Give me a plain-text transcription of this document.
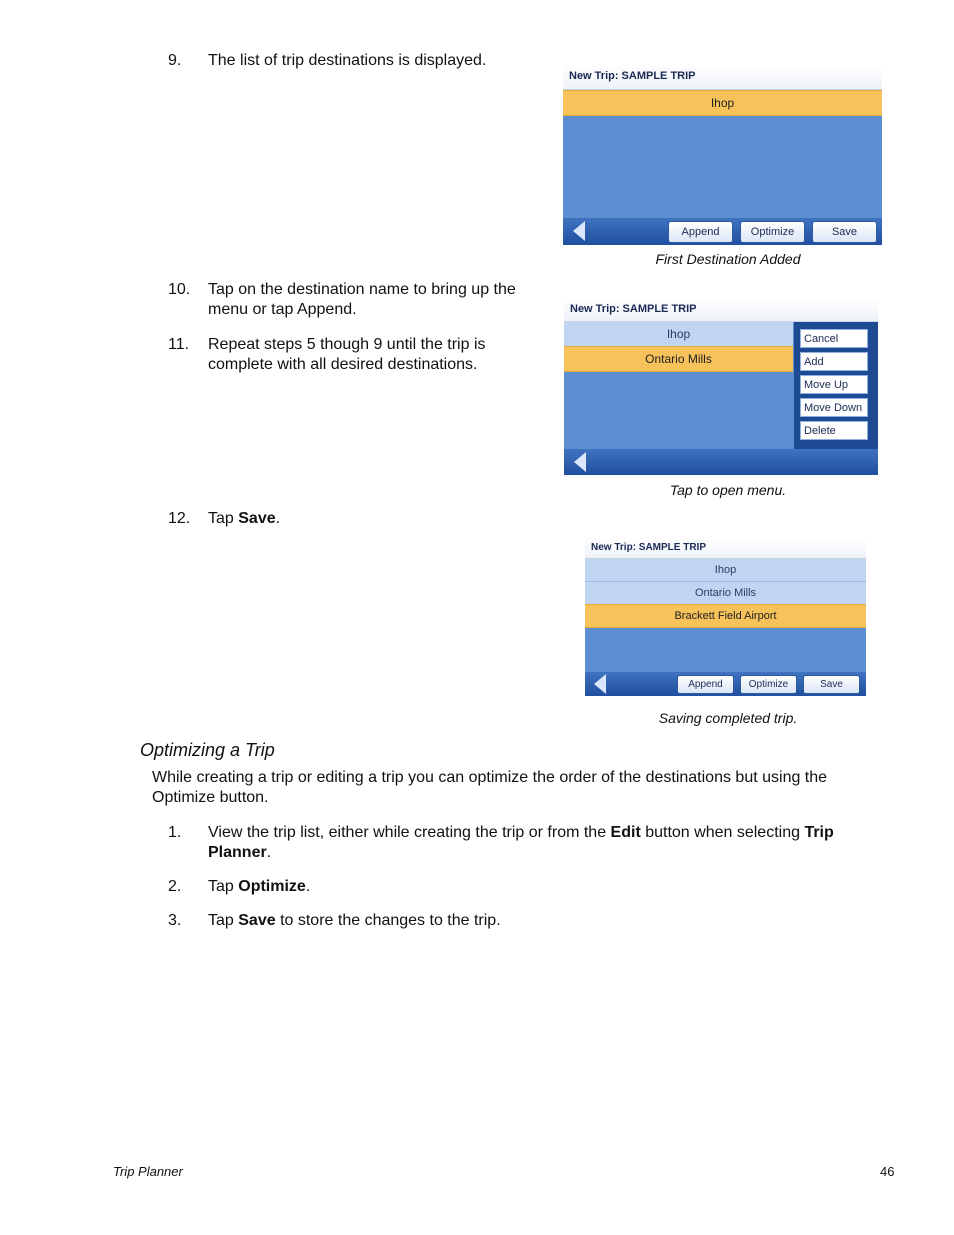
9. The list of trip destinations is displayed.
10. Tap on the destination name to bring up the menu or tap Append.
11. Repeat steps 5 though 9 until the trip is complete with all desired destinations.
12. Tap Save.
New Trip: SAMPLE TRIP
Ihop
Append	Optimize	Save
First Destination Added
New Trip: SAMPLE TRIP
Ihop
Ontario Mills
Cancel
Add
Move Up
Move Down
Delete
Tap to open menu.
New Trip: SAMPLE TRIP
Ihop
Ontario Mills
Brackett Field Airport
Append	Optimize	Save
Saving completed trip.
Optimizing a Trip
While creating a trip or editing a trip you can optimize the order of the destinations but using the Optimize button.
1. View the trip list, either while creating the trip or from the Edit button when selecting Trip Planner.
2. Tap Optimize.
3. Tap Save to store the changes to the trip.
Trip Planner	46
